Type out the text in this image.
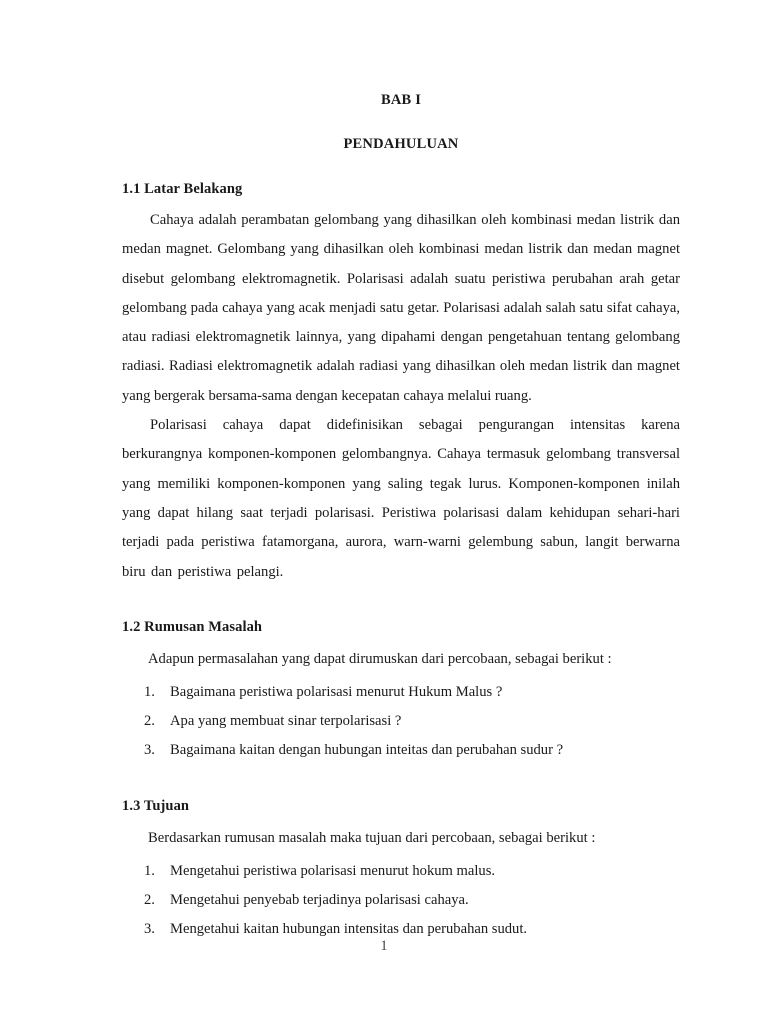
BAB I
PENDAHULUAN
1.1 Latar Belakang

Cahaya adalah perambatan gelombang yang dihasilkan oleh kombinasi medan listrik dan medan magnet. Gelombang yang dihasilkan oleh kombinasi medan listrik dan medan magnet disebut gelombang elektromagnetik. Polarisasi adalah suatu peristiwa perubahan arah getar gelombang pada cahaya yang acak menjadi satu getar. Polarisasi adalah salah satu sifat cahaya, atau radiasi elektromagnetik lainnya, yang dipahami dengan pengetahuan tentang gelombang radiasi. Radiasi elektromagnetik adalah radiasi yang dihasilkan oleh medan listrik dan magnet yang bergerak bersama-sama dengan kecepatan cahaya melalui ruang.

Polarisasi cahaya dapat didefinisikan sebagai pengurangan intensitas karena berkurangnya komponen-komponen gelombangnya. Cahaya termasuk gelombang transversal yang memiliki komponen-komponen yang saling tegak lurus. Komponen-komponen inilah yang dapat hilang saat terjadi polarisasi. Peristiwa polarisasi dalam kehidupan sehari-hari terjadi pada peristiwa fatamorgana, aurora, warn-warni gelembung sabun, langit berwarna biru dan peristiwa pelangi.

1.2 Rumusan Masalah

Adapun permasalahan yang dapat dirumuskan dari percobaan, sebagai berikut :

1. Bagaimana peristiwa polarisasi menurut Hukum Malus ?
2. Apa yang membuat sinar terpolarisasi ?
3. Bagaimana kaitan dengan hubungan inteitas dan perubahan sudur ?
1.3 Tujuan

Berdasarkan rumusan masalah maka tujuan dari percobaan, sebagai berikut :

1. Mengetahui peristiwa polarisasi menurut hokum malus.
2. Mengetahui penyebab terjadinya polarisasi cahaya.
3. Mengetahui kaitan hubungan intensitas dan perubahan sudut.
1
